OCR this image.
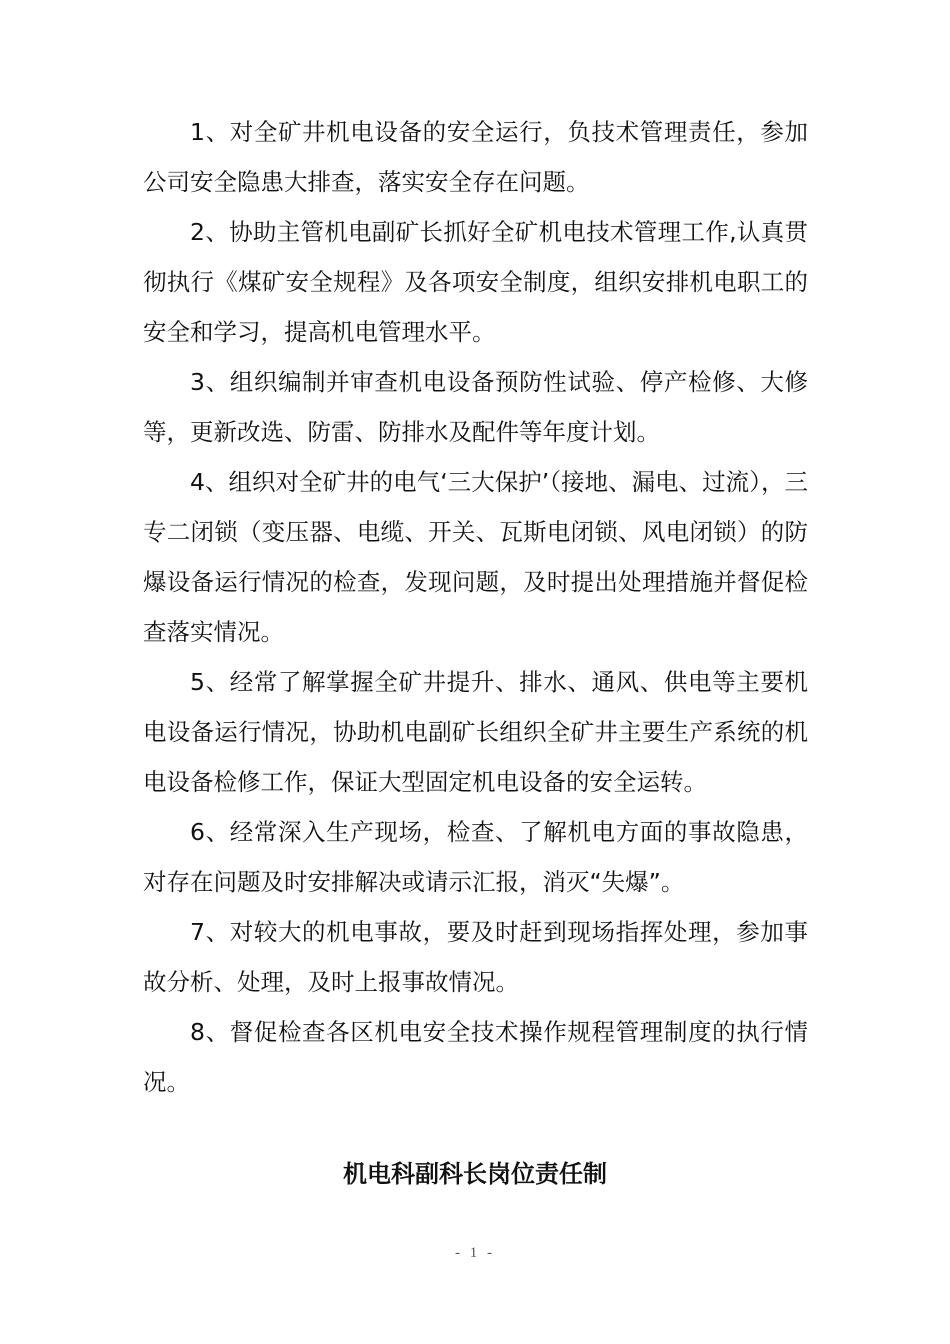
1、对全矿井机电设备的安全运行，负技术管理责任，参加公司安全隐患大排查，落实安全存在问题。

2、协助主管机电副矿长抓好全矿机电技术管理工作,认真贯彻执行《煤矿安全规程》及各项安全制度，组织安排机电职工的安全和学习，提高机电管理水平。

3、组织编制并审查机电设备预防性试验、停产检修、大修等，更新改选、防雷、防排水及配件等年度计划。

4、组织对全矿井的电气‘三大保护’（接地、漏电、过流），三专二闭锁（变压器、电缆、开关、瓦斯电闭锁、风电闭锁）的防爆设备运行情况的检查，发现问题，及时提出处理措施并督促检查落实情况。

5、经常了解掌握全矿井提升、排水、通风、供电等主要机电设备运行情况，协助机电副矿长组织全矿井主要生产系统的机电设备检修工作，保证大型固定机电设备的安全运转。

6、经常深入生产现场，检查、了解机电方面的事故隐患，对存在问题及时安排解决或请示汇报，消灭“失爆”。

7、对较大的机电事故，要及时赶到现场指挥处理，参加事故分析、处理，及时上报事故情况。

8、督促检查各区机电安全技术操作规程管理制度的执行情况。

机电科副科长岗位责任制
- 1 -
